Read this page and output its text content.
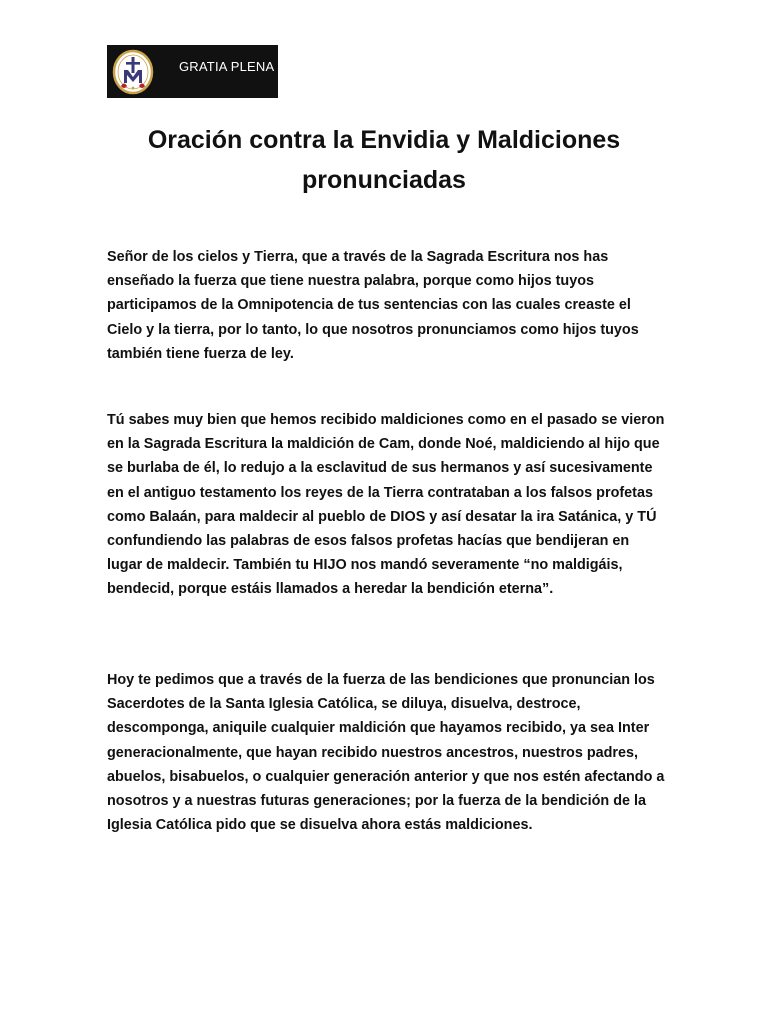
GRATIA PLENA
Oración contra la Envidia y Maldiciones pronunciadas

Señor de los cielos y Tierra, que a través de la Sagrada Escritura nos has enseñado la fuerza que tiene nuestra palabra, porque como hijos tuyos participamos de la Omnipotencia de tus sentencias con las cuales creaste el Cielo y la tierra, por lo tanto, lo que nosotros pronunciamos como hijos tuyos también tiene fuerza de ley.

Tú sabes muy bien que hemos recibido maldiciones como en el pasado se vieron en la Sagrada Escritura la maldición de Cam, donde Noé, maldiciendo al hijo que se burlaba de él, lo redujo a la esclavitud de sus hermanos y así sucesivamente en el antiguo testamento los reyes de la Tierra contrataban a los falsos profetas como Balaán, para maldecir al pueblo de DIOS y así desatar la ira Satánica, y TÚ confundiendo las palabras de esos falsos profetas hacías que bendijeran en lugar de maldecir. También tu HIJO nos mandó severamente “no maldigáis, bendecid, porque estáis llamados a heredar la bendición eterna”.

Hoy te pedimos que a través de la fuerza de las bendiciones que pronuncian los Sacerdotes de la Santa Iglesia Católica, se diluya, disuelva, destroce, descomponga, aniquile cualquier maldición que hayamos recibido, ya sea Inter generacionalmente, que hayan recibido nuestros ancestros, nuestros padres, abuelos, bisabuelos, o cualquier generación anterior y que nos estén afectando a nosotros y a nuestras futuras generaciones; por la fuerza de la bendición de la Iglesia Católica pido que se disuelva ahora estás maldiciones.
